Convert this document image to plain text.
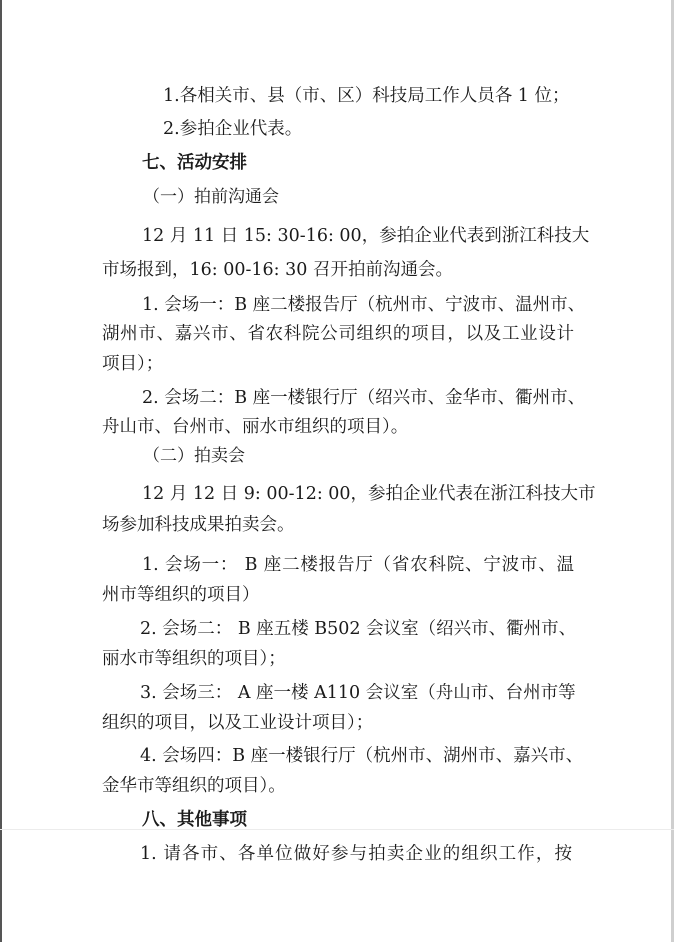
1.各相关市、县（市、区）科技局工作人员各 1 位；

2.参拍企业代表。

七、活动安排

（一）拍前沟通会

12 月 11 日 15: 30-16: 00，参拍企业代表到浙江科技大

市场报到，16: 00-16: 30 召开拍前沟通会。

1. 会场一：B 座二楼报告厅（杭州市、宁波市、温州市、

湖州市、嘉兴市、省农科院公司组织的项目，以及工业设计

项目）；

2. 会场二：B 座一楼银行厅（绍兴市、金华市、衢州市、

舟山市、台州市、丽水市组织的项目）。

（二）拍卖会

12 月 12 日 9: 00-12: 00，参拍企业代表在浙江科技大市

场参加科技成果拍卖会。

1. 会场一： B 座二楼报告厅（省农科院、宁波市、温

州市等组织的项目）

2. 会场二： B 座五楼 B502 会议室（绍兴市、衢州市、

丽水市等组织的项目）；

3. 会场三： A 座一楼 A110 会议室（舟山市、台州市等

组织的项目，以及工业设计项目）；

4. 会场四：B 座一楼银行厅（杭州市、湖州市、嘉兴市、

金华市等组织的项目）。

八、其他事项

1. 请各市、各单位做好参与拍卖企业的组织工作，按
